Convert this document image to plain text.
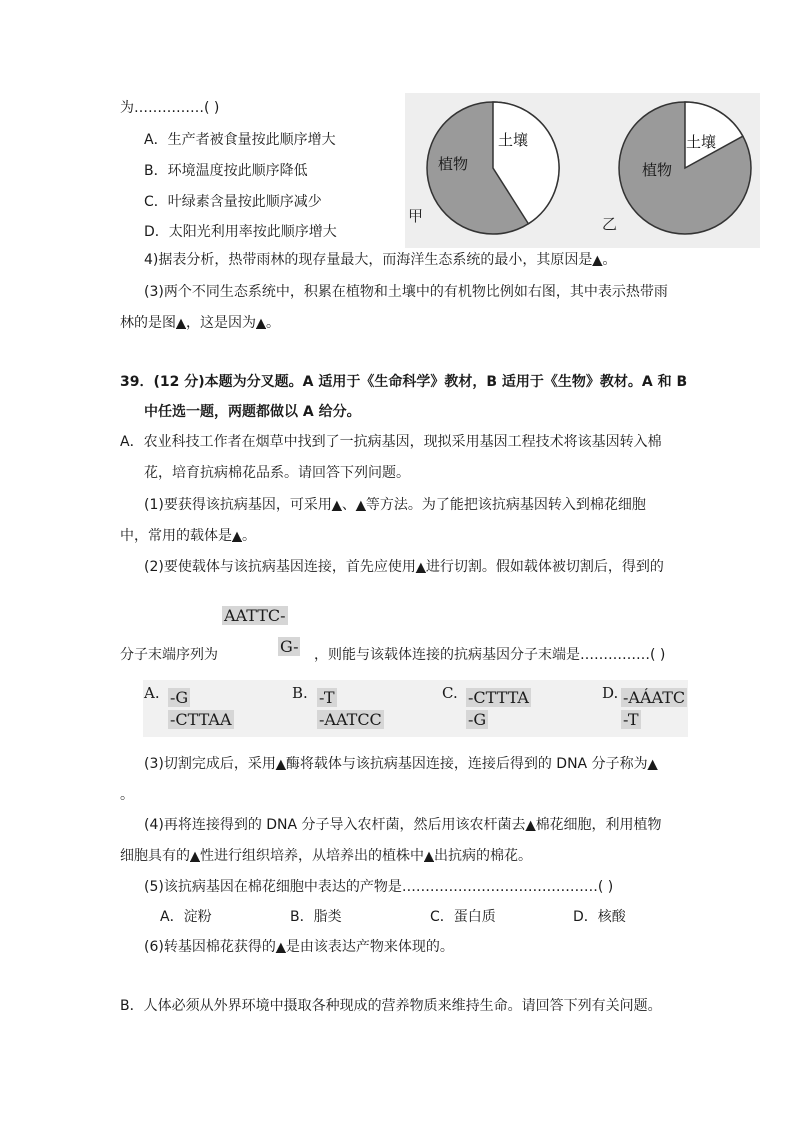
为……………( )
A．生产者被食量按此顺序增大
B．环境温度按此顺序降低
C．叶绿素含量按此顺序减少
D．太阳光利用率按此顺序增大
甲	乙
土壤
植物
土壤
植物
4)据表分析，热带雨林的现存量最大，而海洋生态系统的最小，其原因是▲。
(3)两个不同生态系统中，积累在植物和土壤中的有机物比例如右图，其中表示热带雨
林的是图▲，这是因为▲。
39．(12 分)本题为分叉题。A 适用于《生命科学》教材，B 适用于《生物》教材。A 和 B
中任选一题，两题都做以 A 给分。
A．农业科技工作者在烟草中找到了一抗病基因，现拟采用基因工程技术将该基因转入棉
花，培育抗病棉花品系。请回答下列问题。
(1)要获得该抗病基因，可采用▲、▲等方法。为了能把该抗病基因转入到棉花细胞
中，常用的载体是▲。
(2)要使载体与该抗病基因连接，首先应使用▲进行切割。假如载体被切割后，得到的
AATTC-
G-
分子末端序列为	，则能与该载体连接的抗病基因分子末端是……………( )
A. -G
-CTTAA
B. -T
-AATCC
C. -CTTTA
-G
D. -AÁATC
-T
(3)切割完成后，采用▲酶将载体与该抗病基因连接，连接后得到的 DNA 分子称为▲
。
(4)再将连接得到的 DNA 分子导入农杆菌，然后用该农杆菌去▲棉花细胞，利用植物
细胞具有的▲性进行组织培养，从培养出的植株中▲出抗病的棉花。
(5)该抗病基因在棉花细胞中表达的产物是……………………………………( )
A．淀粉	B．脂类	C．蛋白质	D．核酸
(6)转基因棉花获得的▲是由该表达产物来体现的。
B．人体必须从外界环境中摄取各种现成的营养物质来维持生命。请回答下列有关问题。
